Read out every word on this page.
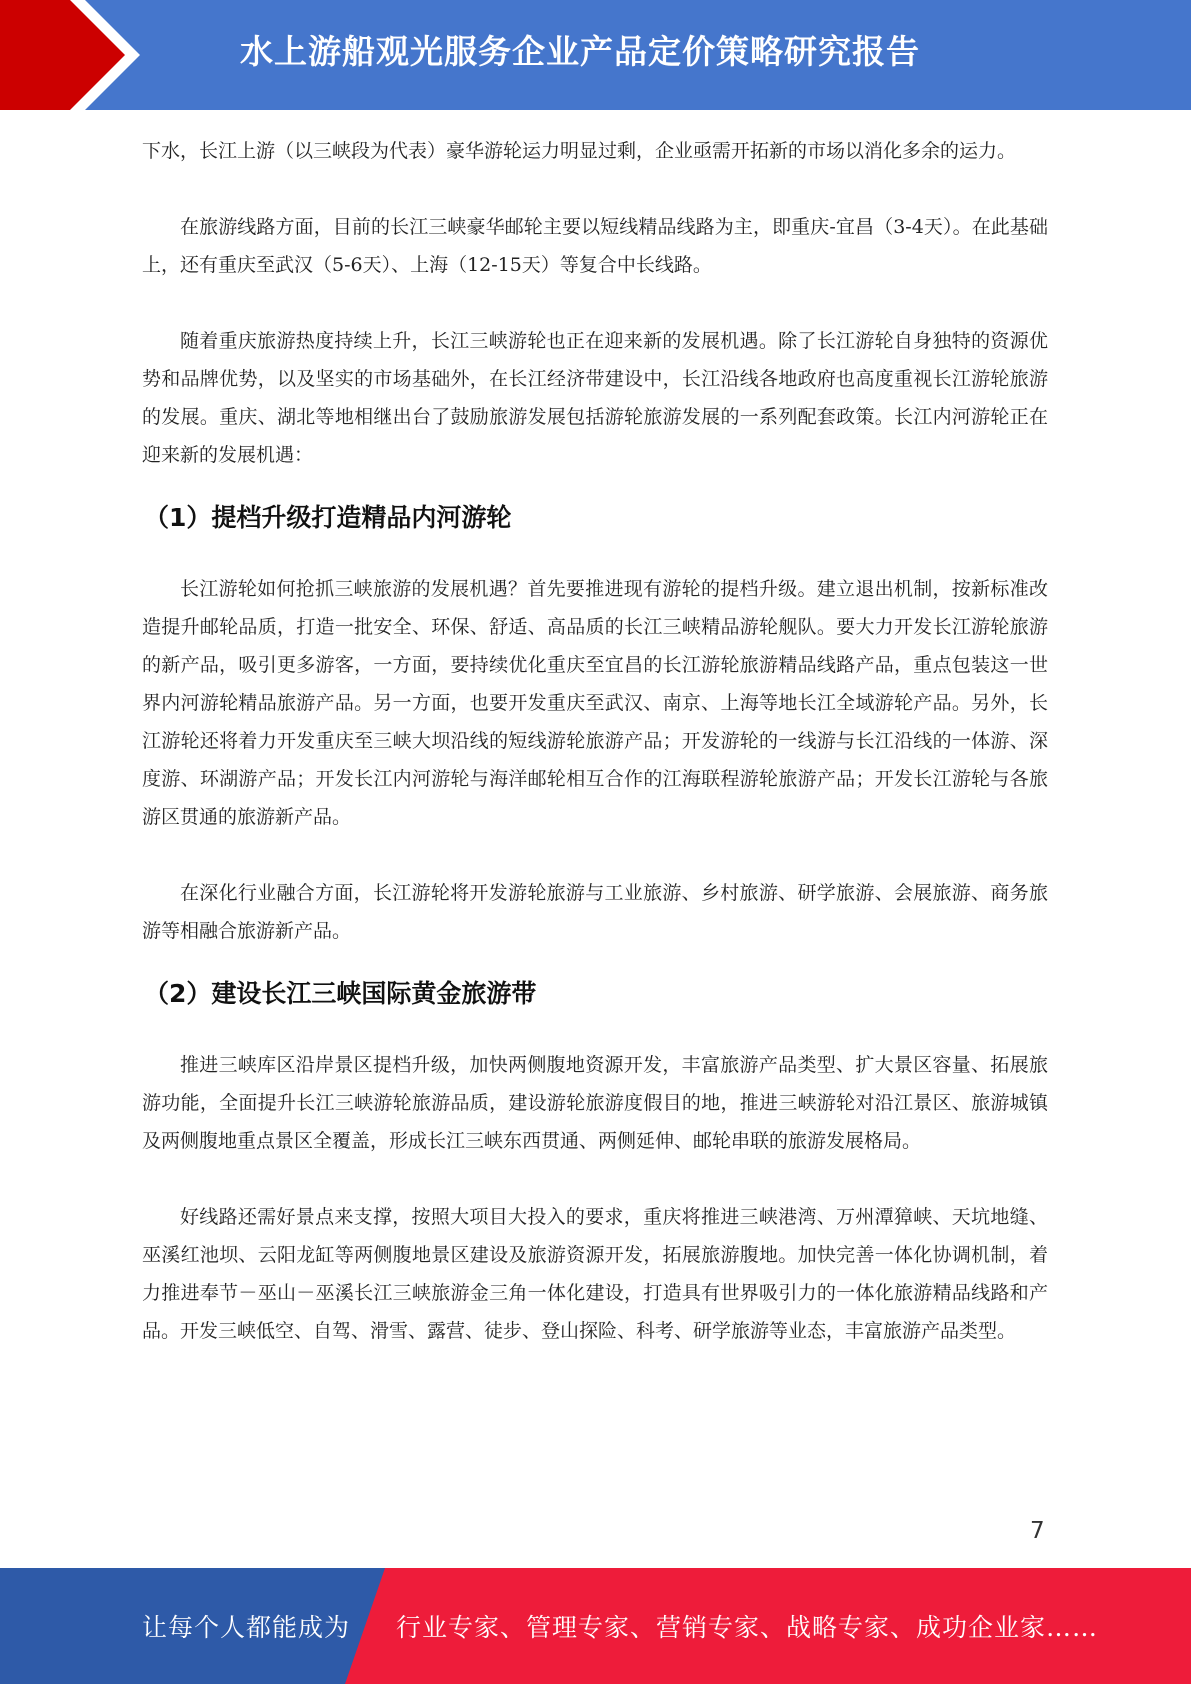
水上游船观光服务企业产品定价策略研究报告

下水，长江上游（以三峡段为代表）豪华游轮运力明显过剩，企业亟需开拓新的市场以消化多余的运力。

在旅游线路方面，目前的长江三峡豪华邮轮主要以短线精品线路为主，即重庆-宜昌（3-4天）。在此基础上，还有重庆至武汉（5-6天）、上海（12-15天）等复合中长线路。

随着重庆旅游热度持续上升，长江三峡游轮也正在迎来新的发展机遇。除了长江游轮自身独特的资源优势和品牌优势，以及坚实的市场基础外，在长江经济带建设中，长江沿线各地政府也高度重视长江游轮旅游的发展。重庆、湖北等地相继出台了鼓励旅游发展包括游轮旅游发展的一系列配套政策。长江内河游轮正在迎来新的发展机遇：

（1）提档升级打造精品内河游轮

长江游轮如何抢抓三峡旅游的发展机遇？首先要推进现有游轮的提档升级。建立退出机制，按新标准改造提升邮轮品质，打造一批安全、环保、舒适、高品质的长江三峡精品游轮舰队。要大力开发长江游轮旅游的新产品，吸引更多游客，一方面，要持续优化重庆至宜昌的长江游轮旅游精品线路产品，重点包装这一世界内河游轮精品旅游产品。另一方面，也要开发重庆至武汉、南京、上海等地长江全域游轮产品。另外，长江游轮还将着力开发重庆至三峡大坝沿线的短线游轮旅游产品；开发游轮的一线游与长江沿线的一体游、深度游、环湖游产品；开发长江内河游轮与海洋邮轮相互合作的江海联程游轮旅游产品；开发长江游轮与各旅游区贯通的旅游新产品。

在深化行业融合方面，长江游轮将开发游轮旅游与工业旅游、乡村旅游、研学旅游、会展旅游、商务旅游等相融合旅游新产品。

（2）建设长江三峡国际黄金旅游带

推进三峡库区沿岸景区提档升级，加快两侧腹地资源开发，丰富旅游产品类型、扩大景区容量、拓展旅游功能，全面提升长江三峡游轮旅游品质，建设游轮旅游度假目的地，推进三峡游轮对沿江景区、旅游城镇及两侧腹地重点景区全覆盖，形成长江三峡东西贯通、两侧延伸、邮轮串联的旅游发展格局。

好线路还需好景点来支撑，按照大项目大投入的要求，重庆将推进三峡港湾、万州潭獐峡、天坑地缝、巫溪红池坝、云阳龙缸等两侧腹地景区建设及旅游资源开发，拓展旅游腹地。加快完善一体化协调机制，着力推进奉节－巫山－巫溪长江三峡旅游金三角一体化建设，打造具有世界吸引力的一体化旅游精品线路和产品。开发三峡低空、自驾、滑雪、露营、徒步、登山探险、科考、研学旅游等业态，丰富旅游产品类型。

7
让每个人都能成为 行业专家、管理专家、营销专家、战略专家、成功企业家……
